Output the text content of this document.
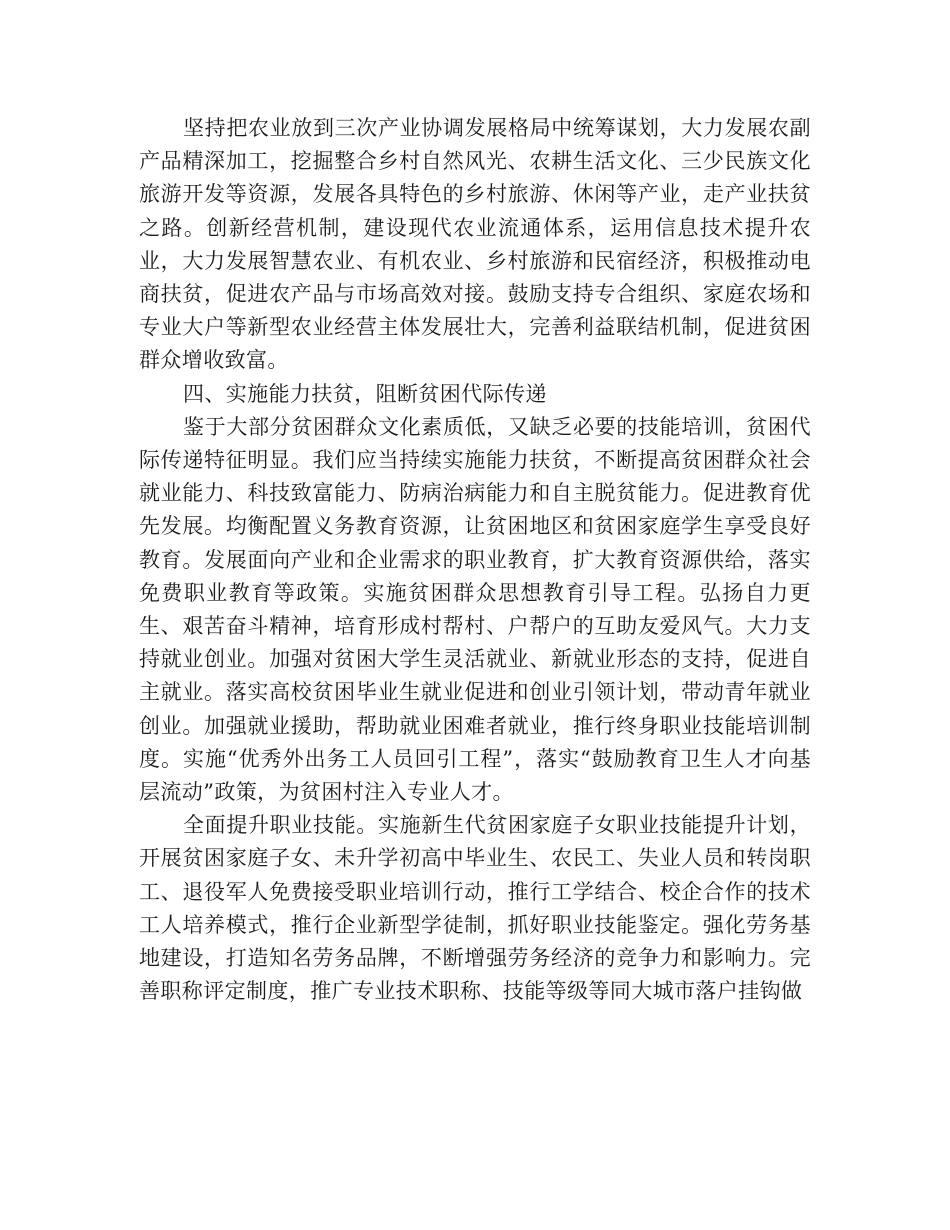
坚持把农业放到三次产业协调发展格局中统筹谋划，大力发展农副产品精深加工，挖掘整合乡村自然风光、农耕生活文化、三少民族文化旅游开发等资源，发展各具特色的乡村旅游、休闲等产业，走产业扶贫之路。创新经营机制，建设现代农业流通体系，运用信息技术提升农业，大力发展智慧农业、有机农业、乡村旅游和民宿经济，积极推动电商扶贫，促进农产品与市场高效对接。鼓励支持专合组织、家庭农场和专业大户等新型农业经营主体发展壮大，完善利益联结机制，促进贫困群众增收致富。

四、实施能力扶贫，阻断贫困代际传递

鉴于大部分贫困群众文化素质低，又缺乏必要的技能培训，贫困代际传递特征明显。我们应当持续实施能力扶贫，不断提高贫困群众社会就业能力、科技致富能力、防病治病能力和自主脱贫能力。促进教育优先发展。均衡配置义务教育资源，让贫困地区和贫困家庭学生享受良好教育。发展面向产业和企业需求的职业教育，扩大教育资源供给，落实免费职业教育等政策。实施贫困群众思想教育引导工程。弘扬自力更生、艰苦奋斗精神，培育形成村帮村、户帮户的互助友爱风气。大力支持就业创业。加强对贫困大学生灵活就业、新就业形态的支持，促进自主就业。落实高校贫困毕业生就业促进和创业引领计划，带动青年就业创业。加强就业援助，帮助就业困难者就业，推行终身职业技能培训制度。实施“优秀外出务工人员回引工程”，落实“鼓励教育卫生人才向基层流动”政策，为贫困村注入专业人才。

全面提升职业技能。实施新生代贫困家庭子女职业技能提升计划，开展贫困家庭子女、未升学初高中毕业生、农民工、失业人员和转岗职工、退役军人免费接受职业培训行动，推行工学结合、校企合作的技术工人培养模式，推行企业新型学徒制，抓好职业技能鉴定。强化劳务基地建设，打造知名劳务品牌，不断增强劳务经济的竞争力和影响力。完善职称评定制度，推广专业技术职称、技能等级等同大城市落户挂钩做
